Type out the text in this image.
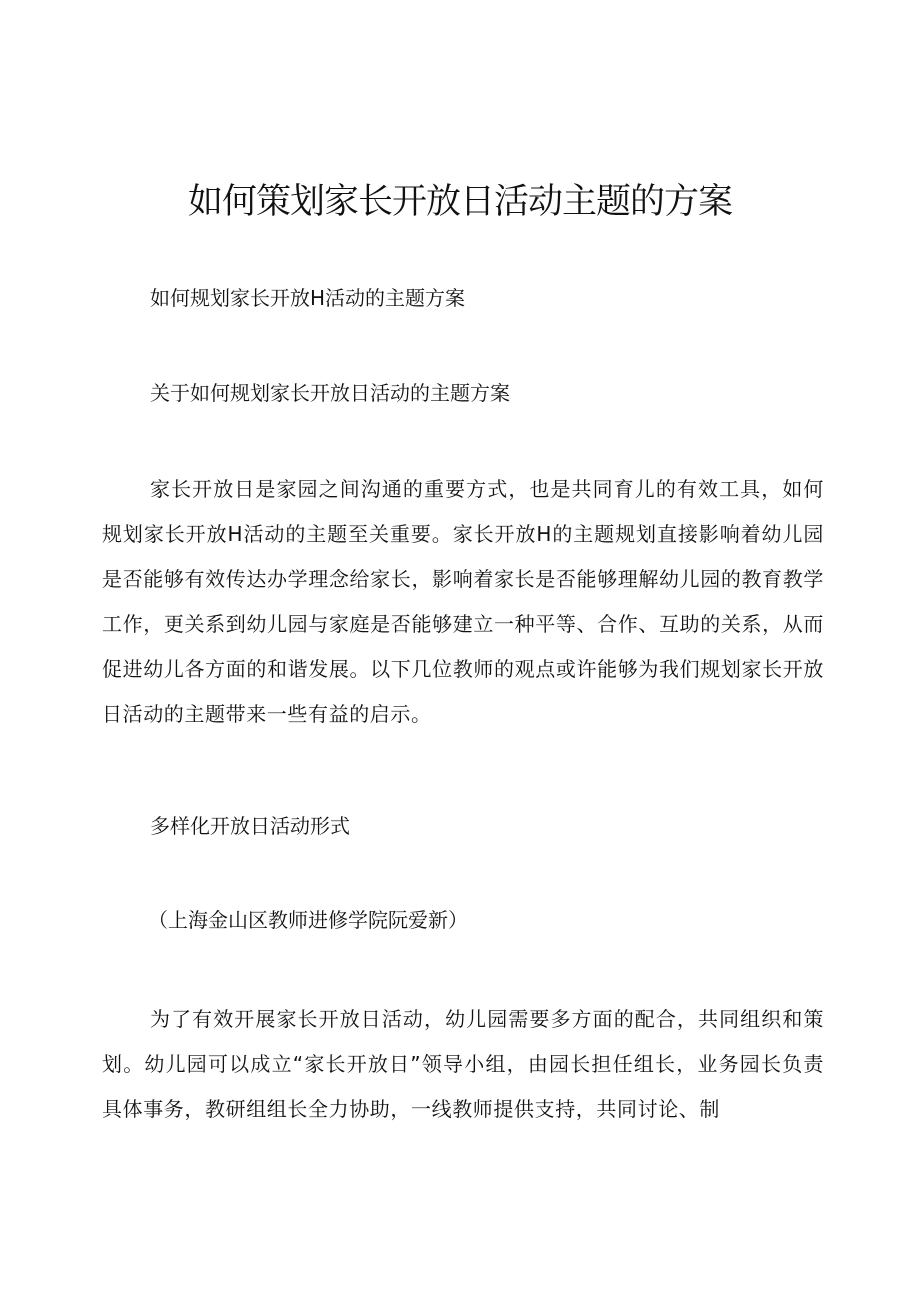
如何策划家长开放日活动主题的方案

如何规划家长开放H活动的主题方案

关于如何规划家长开放日活动的主题方案

家长开放日是家园之间沟通的重要方式，也是共同育儿的有效工具，如何规划家长开放H活动的主题至关重要。家长开放H的主题规划直接影响着幼儿园是否能够有效传达办学理念给家长，影响着家长是否能够理解幼儿园的教育教学工作，更关系到幼儿园与家庭是否能够建立一种平等、合作、互助的关系，从而促进幼儿各方面的和谐发展。以下几位教师的观点或许能够为我们规划家长开放日活动的主题带来一些有益的启示。

多样化开放日活动形式

（上海金山区教师进修学院阮爱新）

为了有效开展家长开放日活动，幼儿园需要多方面的配合，共同组织和策划。幼儿园可以成立“家长开放日”领导小组，由园长担任组长，业务园长负责具体事务，教研组组长全力协助，一线教师提供支持，共同讨论、制
